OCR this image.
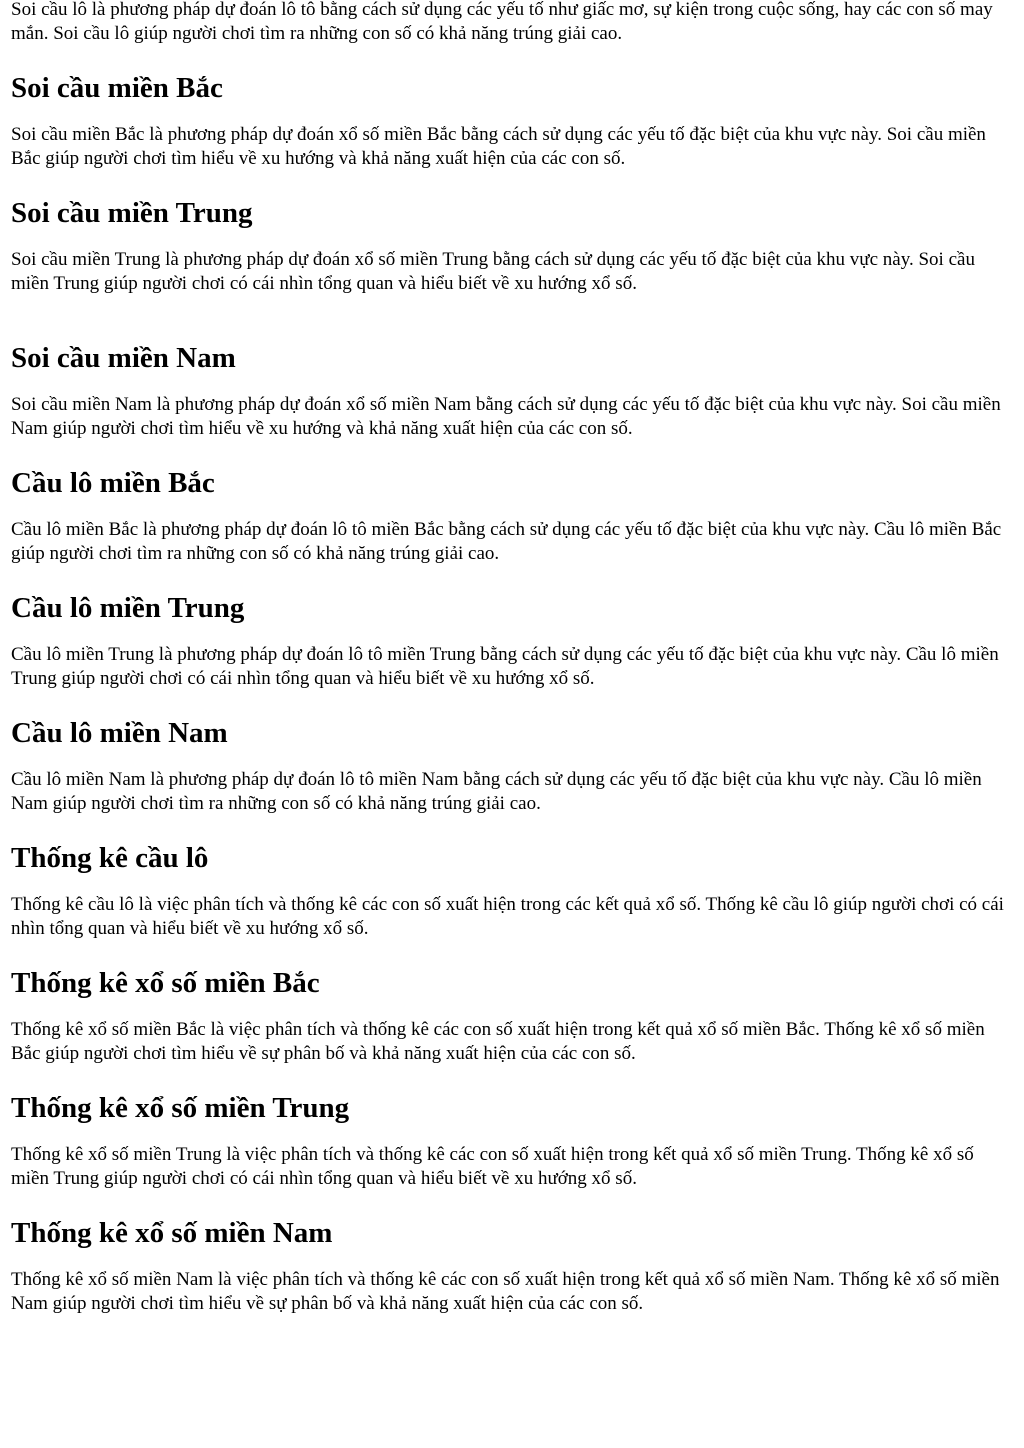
Soi cầu lô là phương pháp dự đoán lô tô bằng cách sử dụng các yếu tố như giấc mơ, sự kiện trong cuộc sống, hay các con số may mắn. Soi cầu lô giúp người chơi tìm ra những con số có khả năng trúng giải cao.

Soi cầu miền Bắc

Soi cầu miền Bắc là phương pháp dự đoán xổ số miền Bắc bằng cách sử dụng các yếu tố đặc biệt của khu vực này. Soi cầu miền Bắc giúp người chơi tìm hiểu về xu hướng và khả năng xuất hiện của các con số.

Soi cầu miền Trung

Soi cầu miền Trung là phương pháp dự đoán xổ số miền Trung bằng cách sử dụng các yếu tố đặc biệt của khu vực này. Soi cầu miền Trung giúp người chơi có cái nhìn tổng quan và hiểu biết về xu hướng xổ số.

Soi cầu miền Nam

Soi cầu miền Nam là phương pháp dự đoán xổ số miền Nam bằng cách sử dụng các yếu tố đặc biệt của khu vực này. Soi cầu miền Nam giúp người chơi tìm hiểu về xu hướng và khả năng xuất hiện của các con số.

Cầu lô miền Bắc

Cầu lô miền Bắc là phương pháp dự đoán lô tô miền Bắc bằng cách sử dụng các yếu tố đặc biệt của khu vực này. Cầu lô miền Bắc giúp người chơi tìm ra những con số có khả năng trúng giải cao.

Cầu lô miền Trung

Cầu lô miền Trung là phương pháp dự đoán lô tô miền Trung bằng cách sử dụng các yếu tố đặc biệt của khu vực này. Cầu lô miền Trung giúp người chơi có cái nhìn tổng quan và hiểu biết về xu hướng xổ số.

Cầu lô miền Nam

Cầu lô miền Nam là phương pháp dự đoán lô tô miền Nam bằng cách sử dụng các yếu tố đặc biệt của khu vực này. Cầu lô miền Nam giúp người chơi tìm ra những con số có khả năng trúng giải cao.

Thống kê cầu lô

Thống kê cầu lô là việc phân tích và thống kê các con số xuất hiện trong các kết quả xổ số. Thống kê cầu lô giúp người chơi có cái nhìn tổng quan và hiểu biết về xu hướng xổ số.

Thống kê xổ số miền Bắc

Thống kê xổ số miền Bắc là việc phân tích và thống kê các con số xuất hiện trong kết quả xổ số miền Bắc. Thống kê xổ số miền Bắc giúp người chơi tìm hiểu về sự phân bố và khả năng xuất hiện của các con số.

Thống kê xổ số miền Trung

Thống kê xổ số miền Trung là việc phân tích và thống kê các con số xuất hiện trong kết quả xổ số miền Trung. Thống kê xổ số miền Trung giúp người chơi có cái nhìn tổng quan và hiểu biết về xu hướng xổ số.

Thống kê xổ số miền Nam

Thống kê xổ số miền Nam là việc phân tích và thống kê các con số xuất hiện trong kết quả xổ số miền Nam. Thống kê xổ số miền Nam giúp người chơi tìm hiểu về sự phân bố và khả năng xuất hiện của các con số.
